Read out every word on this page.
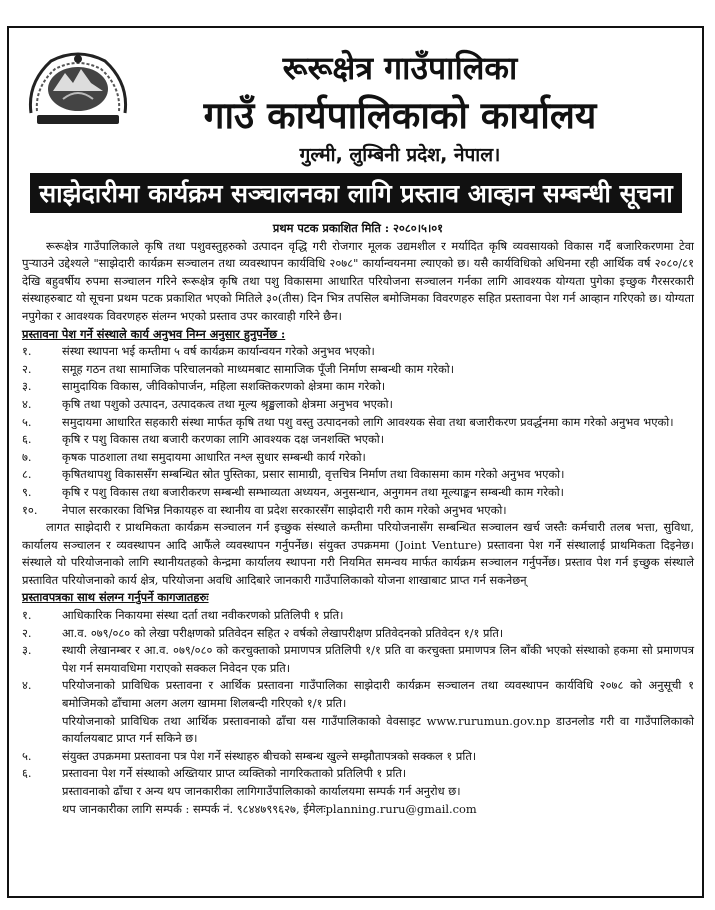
रूरूक्षेत्र गाउँपालिका
गाउँ कार्यपालिकाको कार्यालय
गुल्मी, लुम्बिनी प्रदेश, नेपाल।
साझेदारीमा कार्यक्रम सञ्चालनका लागि प्रस्ताव आव्हान सम्बन्धी सूचना

प्रथम पटक प्रकाशित मिति : २०८०।५।०१

रूरूक्षेत्र गाउँपालिकाले कृषि तथा पशुवस्तुहरुको उत्पादन वृद्धि गरी रोजगार मूलक उद्यमशील र मर्यादित कृषि व्यवसायको विकास गर्दै बजारिकरणमा टेवा पुऱ्याउने उद्देश्यले "साझेदारी कार्यक्रम सञ्चालन तथा व्यवस्थापन कार्यविधि २०७८" कार्यान्वयनमा ल्याएको छ। यसै कार्यविधिको अधिनमा रही आर्थिक वर्ष २०८०/८१ देखि बहुवर्षीय रुपमा सञ्चालन गरिने रूरूक्षेत्र कृषि तथा पशु विकासमा आधारित परियोजना सञ्चालन गर्नका लागि आवश्यक योग्यता पुगेका इच्छुक गैरसरकारी संस्थाहरुबाट यो सूचना प्रथम पटक प्रकाशित भएको मितिले ३०(तीस) दिन भित्र तपसिल बमोजिमका विवरणहरु सहित प्रस्तावना पेश गर्न आव्हान गरिएको छ। योग्यता नपुगेका र आवश्यक विवरणहरु संलग्न भएको प्रस्ताव उपर कारवाही गरिने छैन।

प्रस्तावना पेश गर्ने संस्थाले कार्य अनुभव निम्न अनुसार हुनुपर्नेछ :
१.	संस्था स्थापना भई कम्तीमा ५ वर्ष कार्यक्रम कार्यान्वयन गरेको अनुभव भएको।
२.	समूह गठन तथा सामाजिक परिचालनको माध्यमबाट सामाजिक पूँजी निर्माण सम्बन्धी काम गरेको।
३.	सामुदायिक विकास, जीविकोपार्जन, महिला सशक्तिकरणको क्षेत्रमा काम गरेको।
४.	कृषि तथा पशुको उत्पादन, उत्पादकत्व तथा मूल्य श्रृङ्खलाको क्षेत्रमा अनुभव भएको।
५.	समुदायमा आधारित सहकारी संस्था मार्फत कृषि तथा पशु वस्तु उत्पादनको लागि आवश्यक सेवा तथा बजारीकरण प्रवर्द्धनमा काम गरेको अनुभव भएको।
६.	कृषि र पशु विकास तथा बजारी करणका लागि आवश्यक दक्ष जनशक्ति भएको।
७.	कृषक पाठशाला तथा समुदायमा आधारित नश्ल सुधार सम्बन्धी कार्य गरेको।
८.	कृषितथापशु विकाससँग सम्बन्धित स्रोत पुस्तिका, प्रसार सामाग्री, वृत्तचित्र निर्माण तथा विकासमा काम गरेको अनुभव भएको।
९.	कृषि र पशु विकास तथा बजारीकरण सम्बन्धी सम्भाव्यता अध्ययन, अनुसन्धान, अनुगमन तथा मूल्याङ्कन सम्बन्धी काम गरेको।
१०.	नेपाल सरकारका विभिन्न निकायहरु वा स्थानीय वा प्रदेश सरकारसँग साझेदारी गरी काम गरेको अनुभव भएको।

लागत साझेदारी र प्राथमिकता कार्यक्रम सञ्चालन गर्न इच्छुक संस्थाले कम्तीमा परियोजनासँग सम्बन्धित सञ्चालन खर्च जस्तैः कर्मचारी तलब भत्ता, सुविधा, कार्यालय सञ्चालन र व्यवस्थापन आदि आफैंले व्यवस्थापन गर्नुपर्नेछ। संयुक्त उपक्रममा (Joint Venture) प्रस्तावना पेश गर्ने संस्थालाई प्राथमिकता दिइनेछ। संस्थाले यो परियोजनाको लागि स्थानीयतहको केन्द्रमा कार्यालय स्थापना गरी नियमित समन्वय मार्फत कार्यक्रम सञ्चालन गर्नुपर्नेछ। प्रस्ताव पेश गर्न इच्छुक संस्थाले प्रस्तावित परियोजनाको कार्य क्षेत्र, परियोजना अवधि आदिबारे जानकारी गाउँपालिकाको योजना शाखाबाट प्राप्त गर्न सकनेछन्

प्रस्तावपत्रका साथ संलग्न गर्नुपर्ने कागजातहरुः
१.	आधिकारिक निकायमा संस्था दर्ता तथा नवीकरणको प्रतिलिपी १ प्रति।
२.	आ.व. ०७९/०८० को लेखा परीक्षणको प्रतिवेदन सहित २ वर्षको लेखापरीक्षण प्रतिवेदनको प्रतिवेदन १/१ प्रति।
३.	स्थायी लेखानम्बर र आ.व. ०७९/०८० को करचुक्ताको प्रमाणपत्र प्रतिलिपी १/१ प्रति वा करचुक्ता प्रमाणपत्र लिन बाँकी भएको संस्थाको हकमा सो प्रमाणपत्र पेश गर्न समयावधिमा गराएको सक्कल निवेदन एक प्रति।
४.	परियोजनाको प्राविधिक प्रस्तावना र आर्थिक प्रस्तावना गाउँपालिका साझेदारी कार्यक्रम सञ्चालन तथा व्यवस्थापन कार्यविधि २०७८ को अनुसूची १ बमोजिमको ढाँचामा अलग अलग खाममा शिलबन्दी गरिएको १/१ प्रति।
परियोजनाको प्राविधिक तथा आर्थिक प्रस्तावनाको ढाँचा यस गाउँपालिकाको वेवसाइट www.rurumun.gov.np डाउनलोड गरी वा गाउँपालिकाको कार्यालयबाट प्राप्त गर्न सकिने छ।
५.	संयुक्त उपक्रममा प्रस्तावना पत्र पेश गर्ने संस्थाहरु बीचको सम्बन्ध खुल्ने सम्झौतापत्रको सक्कल १ प्रति।
६.	प्रस्तावना पेश गर्ने संस्थाको अख्तियार प्राप्त व्यक्तिको नागरिकताको प्रतिलिपी १ प्रति।
प्रस्तावनाको ढाँचा र अन्य थप जानकारीका लागिगाउँपालिकाको कार्यालयमा सम्पर्क गर्न अनुरोध छ।
थप जानकारीका लागि सम्पर्क : सम्पर्क नं. ९८४४७९९६२७, ईमेलःplanning.ruru@gmail.com
